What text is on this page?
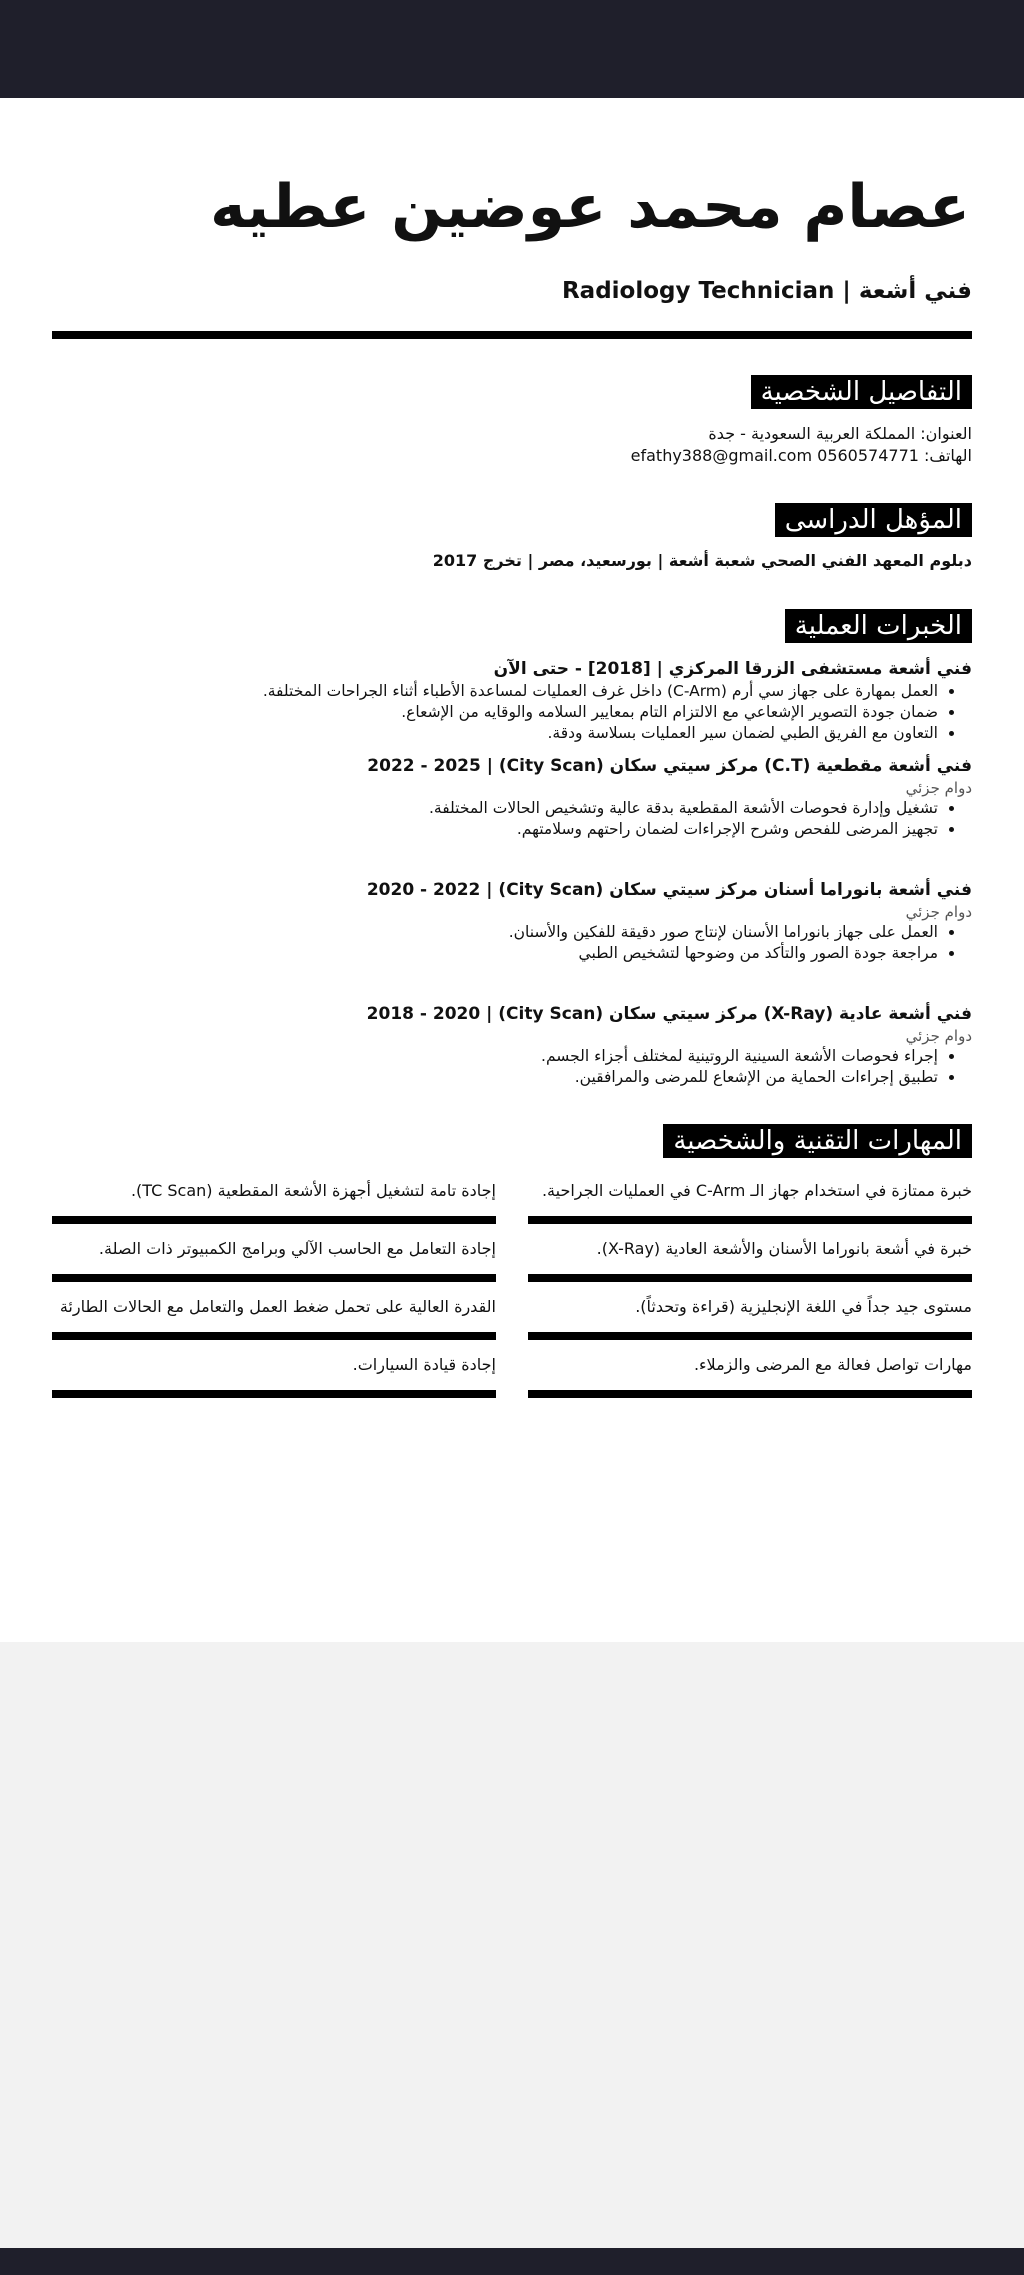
عصام محمد عوضين عطيه
فني أشعة | Radiology Technician
التفاصيل الشخصية

العنوان: المملكة العربية السعودية - جدة

الهاتف: 0560574771 efathy388@gmail.com

المؤهل الدراسى
دبلوم المعهد الفني الصحي شعبة أشعة | بورسعيد، مصر | تخرج 2017
الخبرات العملية
فني أشعة مستشفى الزرقا المركزي | [2018] - حتى الآن
• العمل بمهارة على جهاز سي أرم (C-Arm) داخل غرف العمليات لمساعدة الأطباء أثناء الجراحات المختلفة.
• ضمان جودة التصوير الإشعاعي مع الالتزام التام بمعايير السلامه والوقايه من الإشعاع.
• التعاون مع الفريق الطبي لضمان سير العمليات بسلاسة ودقة.
فني أشعة مقطعية (C.T) مركز سيتي سكان (City Scan) | 2022 - 2025
دوام جزئي
• تشغيل وإدارة فحوصات الأشعة المقطعية بدقة عالية وتشخيص الحالات المختلفة.
• تجهيز المرضى للفحص وشرح الإجراءات لضمان راحتهم وسلامتهم.
فني أشعة بانوراما أسنان مركز سيتي سكان (City Scan) | 2020 - 2022
دوام جزئي
• العمل على جهاز بانوراما الأسنان لإنتاج صور دقيقة للفكين والأسنان.
• مراجعة جودة الصور والتأكد من وضوحها لتشخيص الطبي
فني أشعة عادية (X-Ray) مركز سيتي سكان (City Scan) | 2018 - 2020
دوام جزئي
• إجراء فحوصات الأشعة السينية الروتينية لمختلف أجزاء الجسم.
• تطبيق إجراءات الحماية من الإشعاع للمرضى والمرافقين.
المهارات التقنية والشخصية
خبرة ممتازة في استخدام جهاز الـ C-Arm في العمليات الجراحية.
إجادة تامة لتشغيل أجهزة الأشعة المقطعية (TC Scan).
خبرة في أشعة بانوراما الأسنان والأشعة العادية (X-Ray).
إجادة التعامل مع الحاسب الآلي وبرامج الكمبيوتر ذات الصلة.
مستوى جيد جداً في اللغة الإنجليزية (قراءة وتحدثاً).
القدرة العالية على تحمل ضغط العمل والتعامل مع الحالات الطارئة
مهارات تواصل فعالة مع المرضى والزملاء.
إجادة قيادة السيارات.
